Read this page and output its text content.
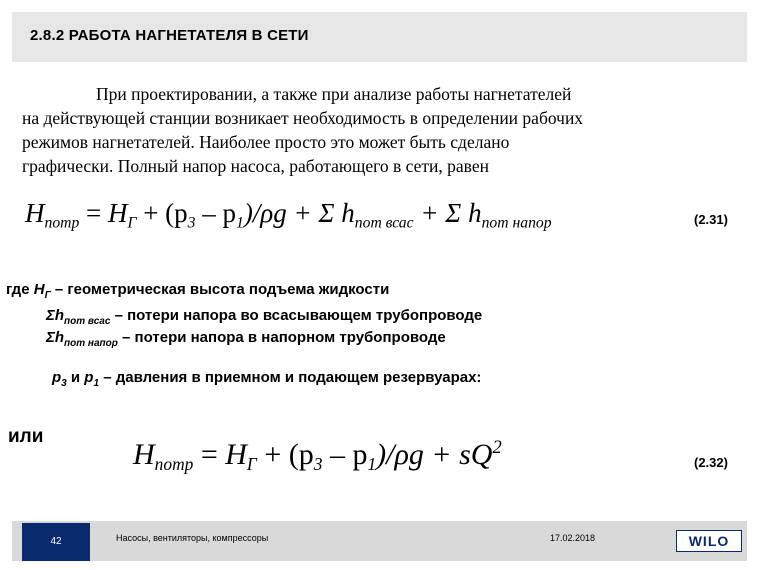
2.8.2 РАБОТА НАГНЕТАТЕЛЯ В СЕТИ
При проектировании, а также при анализе работы нагнетателей
на действующей станции возникает необходимость в определении рабочих
режимов нагнетателей. Наиболее просто это может быть сделано
графически. Полный напор насоса, работающего в сети, равен
$H_{потр} = H_Г + (p_3 - p_1)/\rho g + \Sigma$ $h_{пот всас} + \Sigma$ $h_{пот напор}$	(2.31)
где $H_Г$ – геометрическая высота подъема жидкости
$\Sigma h_{пот всас}$ – потери напора во всасывающем трубопроводе
$\Sigma h_{пот напор}$ – потери напора в напорном трубопроводе
$p_3$ и $p_1$ – давления в приемном и подающем резервуарах:
или
$H_{потр} = H_Г + (p_3 - p_1)/\rho g + sQ^2$
(2.32)
42	Насосы, вентиляторы, компрессоры	17.02.2018	WILO
